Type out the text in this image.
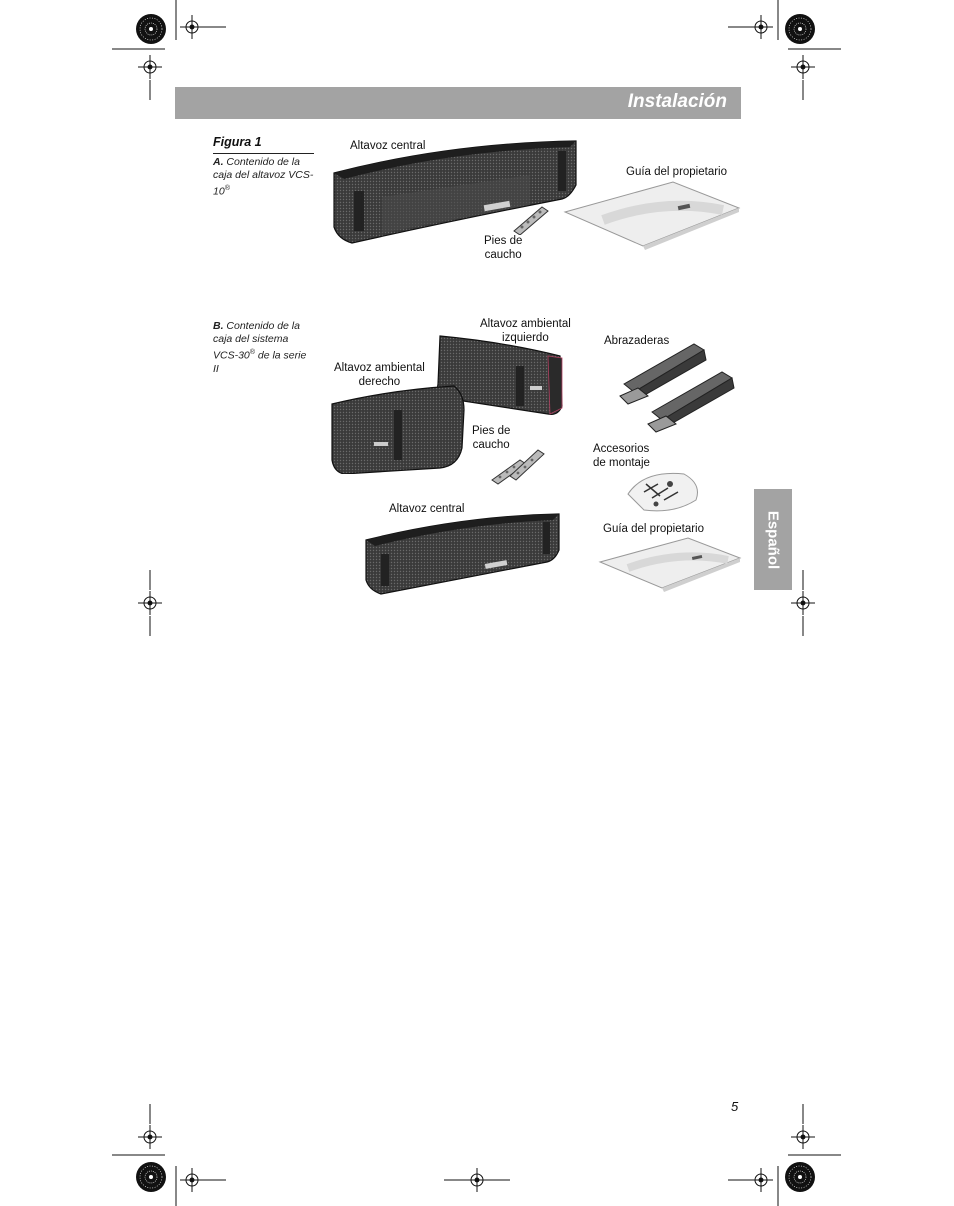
Instalación
Figura 1
A. Contenido de la caja del altavoz VCS-10®
B. Contenido de la caja del sistema VCS-30® de la serie II
Altavoz central
Guía del propietario
Pies de
caucho
Altavoz ambiental
izquierdo
Altavoz ambiental
derecho
Abrazaderas
Pies de
caucho	Accesorios
de montaje
Altavoz central
Guía del propietario	Español
5
